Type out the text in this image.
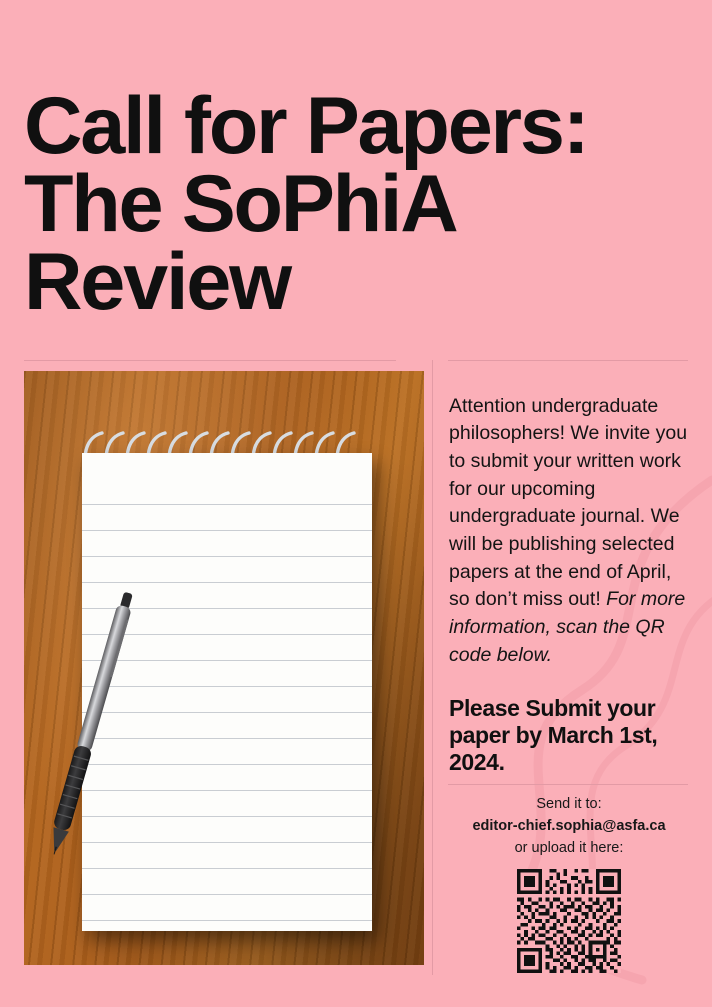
Call for Papers: The SoPhiA Review

Attention undergraduate philosophers! We invite you to submit your written work for our upcoming undergraduate journal. We will be publishing selected papers at the end of April, so don’t miss out! For more information, scan the QR code below.

Please Submit your paper by March 1st, 2024.

Send it to:
editor-chief.sophia@asfa.ca
or upload it here:
